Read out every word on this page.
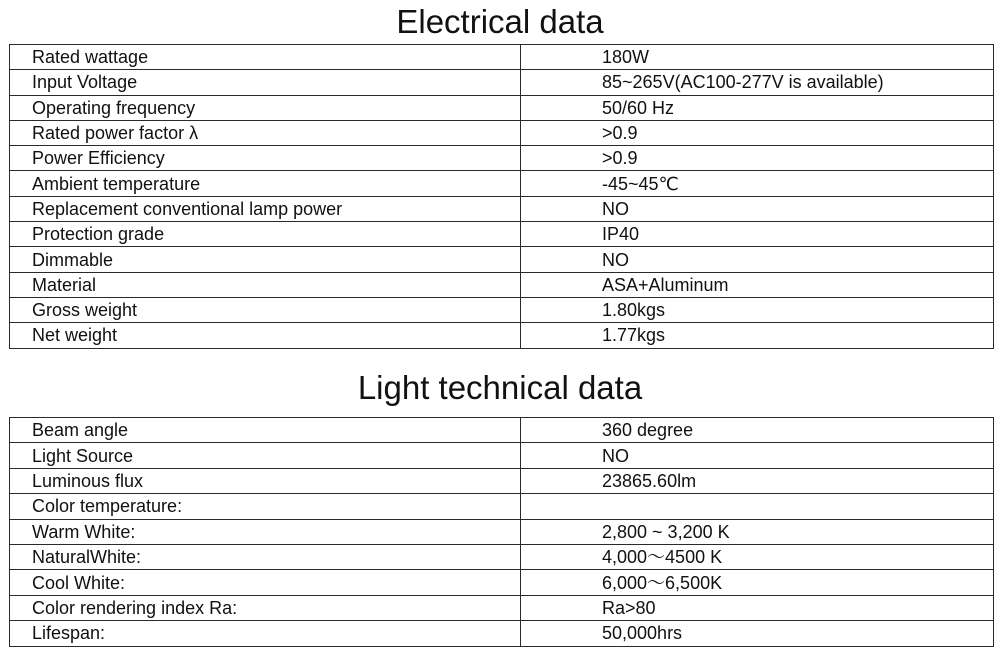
Electrical data
Rated wattage	180W
Input Voltage	85~265V(AC100-277V is available)
Operating frequency	50/60 Hz
Rated power factor λ	>0.9
Power Efficiency	>0.9
Ambient temperature	-45~45℃
Replacement conventional lamp power	NO
Protection grade	IP40
Dimmable	NO
Material	ASA+Aluminum
Gross weight	1.80kgs
Net weight	1.77kgs
Light technical data
Beam angle	360 degree
Light Source	NO
Luminous flux	23865.60lm
Color temperature:	
Warm White:	2,800 ~ 3,200 K
NaturalWhite:	4,000～4500 K
Cool White:	6,000～6,500K
Color rendering index Ra:	Ra>80
Lifespan:	50,000hrs
